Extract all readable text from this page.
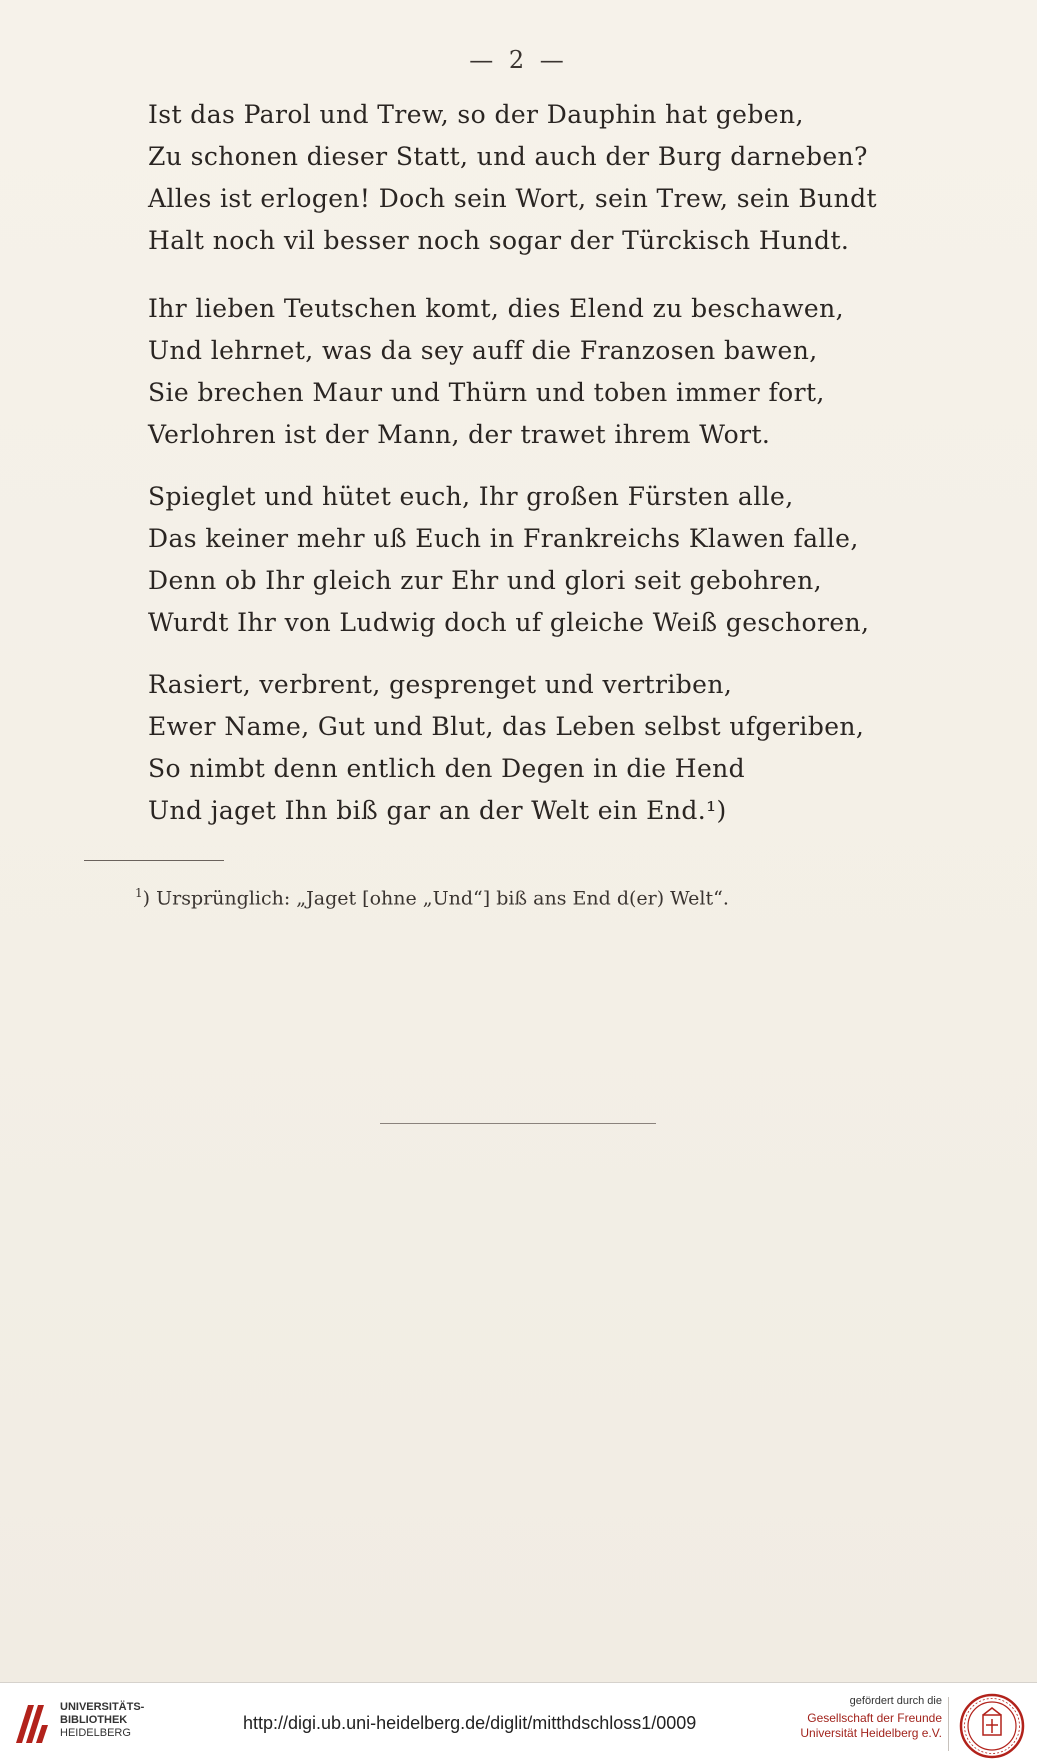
— 2 —

Ist das Parol und Trew, so der Dauphin hat geben,
Zu schonen dieser Statt, und auch der Burg darneben?
Alles ist erlogen! Doch sein Wort, sein Trew, sein Bundt
Halt noch vil besser noch sogar der Türckisch Hundt.
Ihr lieben Teutschen komt, dies Elend zu beschawen,
Und lehrnet, was da sey auff die Franzosen bawen,
Sie brechen Maur und Thürn und toben immer fort,
Verlohren ist der Mann, der trawet ihrem Wort.
Spieglet und hütet euch, Ihr großen Fürsten alle,
Das keiner mehr uß Euch in Frankreichs Klawen falle,
Denn ob Ihr gleich zur Ehr und glori seit gebohren,
Wurdt Ihr von Ludwig doch uf gleiche Weiß geschoren,
Rasiert, verbrent, gesprenget und vertriben,
Ewer Name, Gut und Blut, das Leben selbst ufgeriben,
So nimbt denn entlich den Degen in die Hend
Und jaget Ihn biß gar an der Welt ein End.¹)
$^1$) Ursprünglich: „Jaget [ohne „Und“] biß ans End d(er) Welt“.
UNIVERSITÄTS-
BIBLIOTHEK
HEIDELBERG	http://digi.ub.uni-heidelberg.de/diglit/mitthdschloss1/0009
gefördert durch die
Gesellschaft der Freunde
Universität Heidelberg e.V.
